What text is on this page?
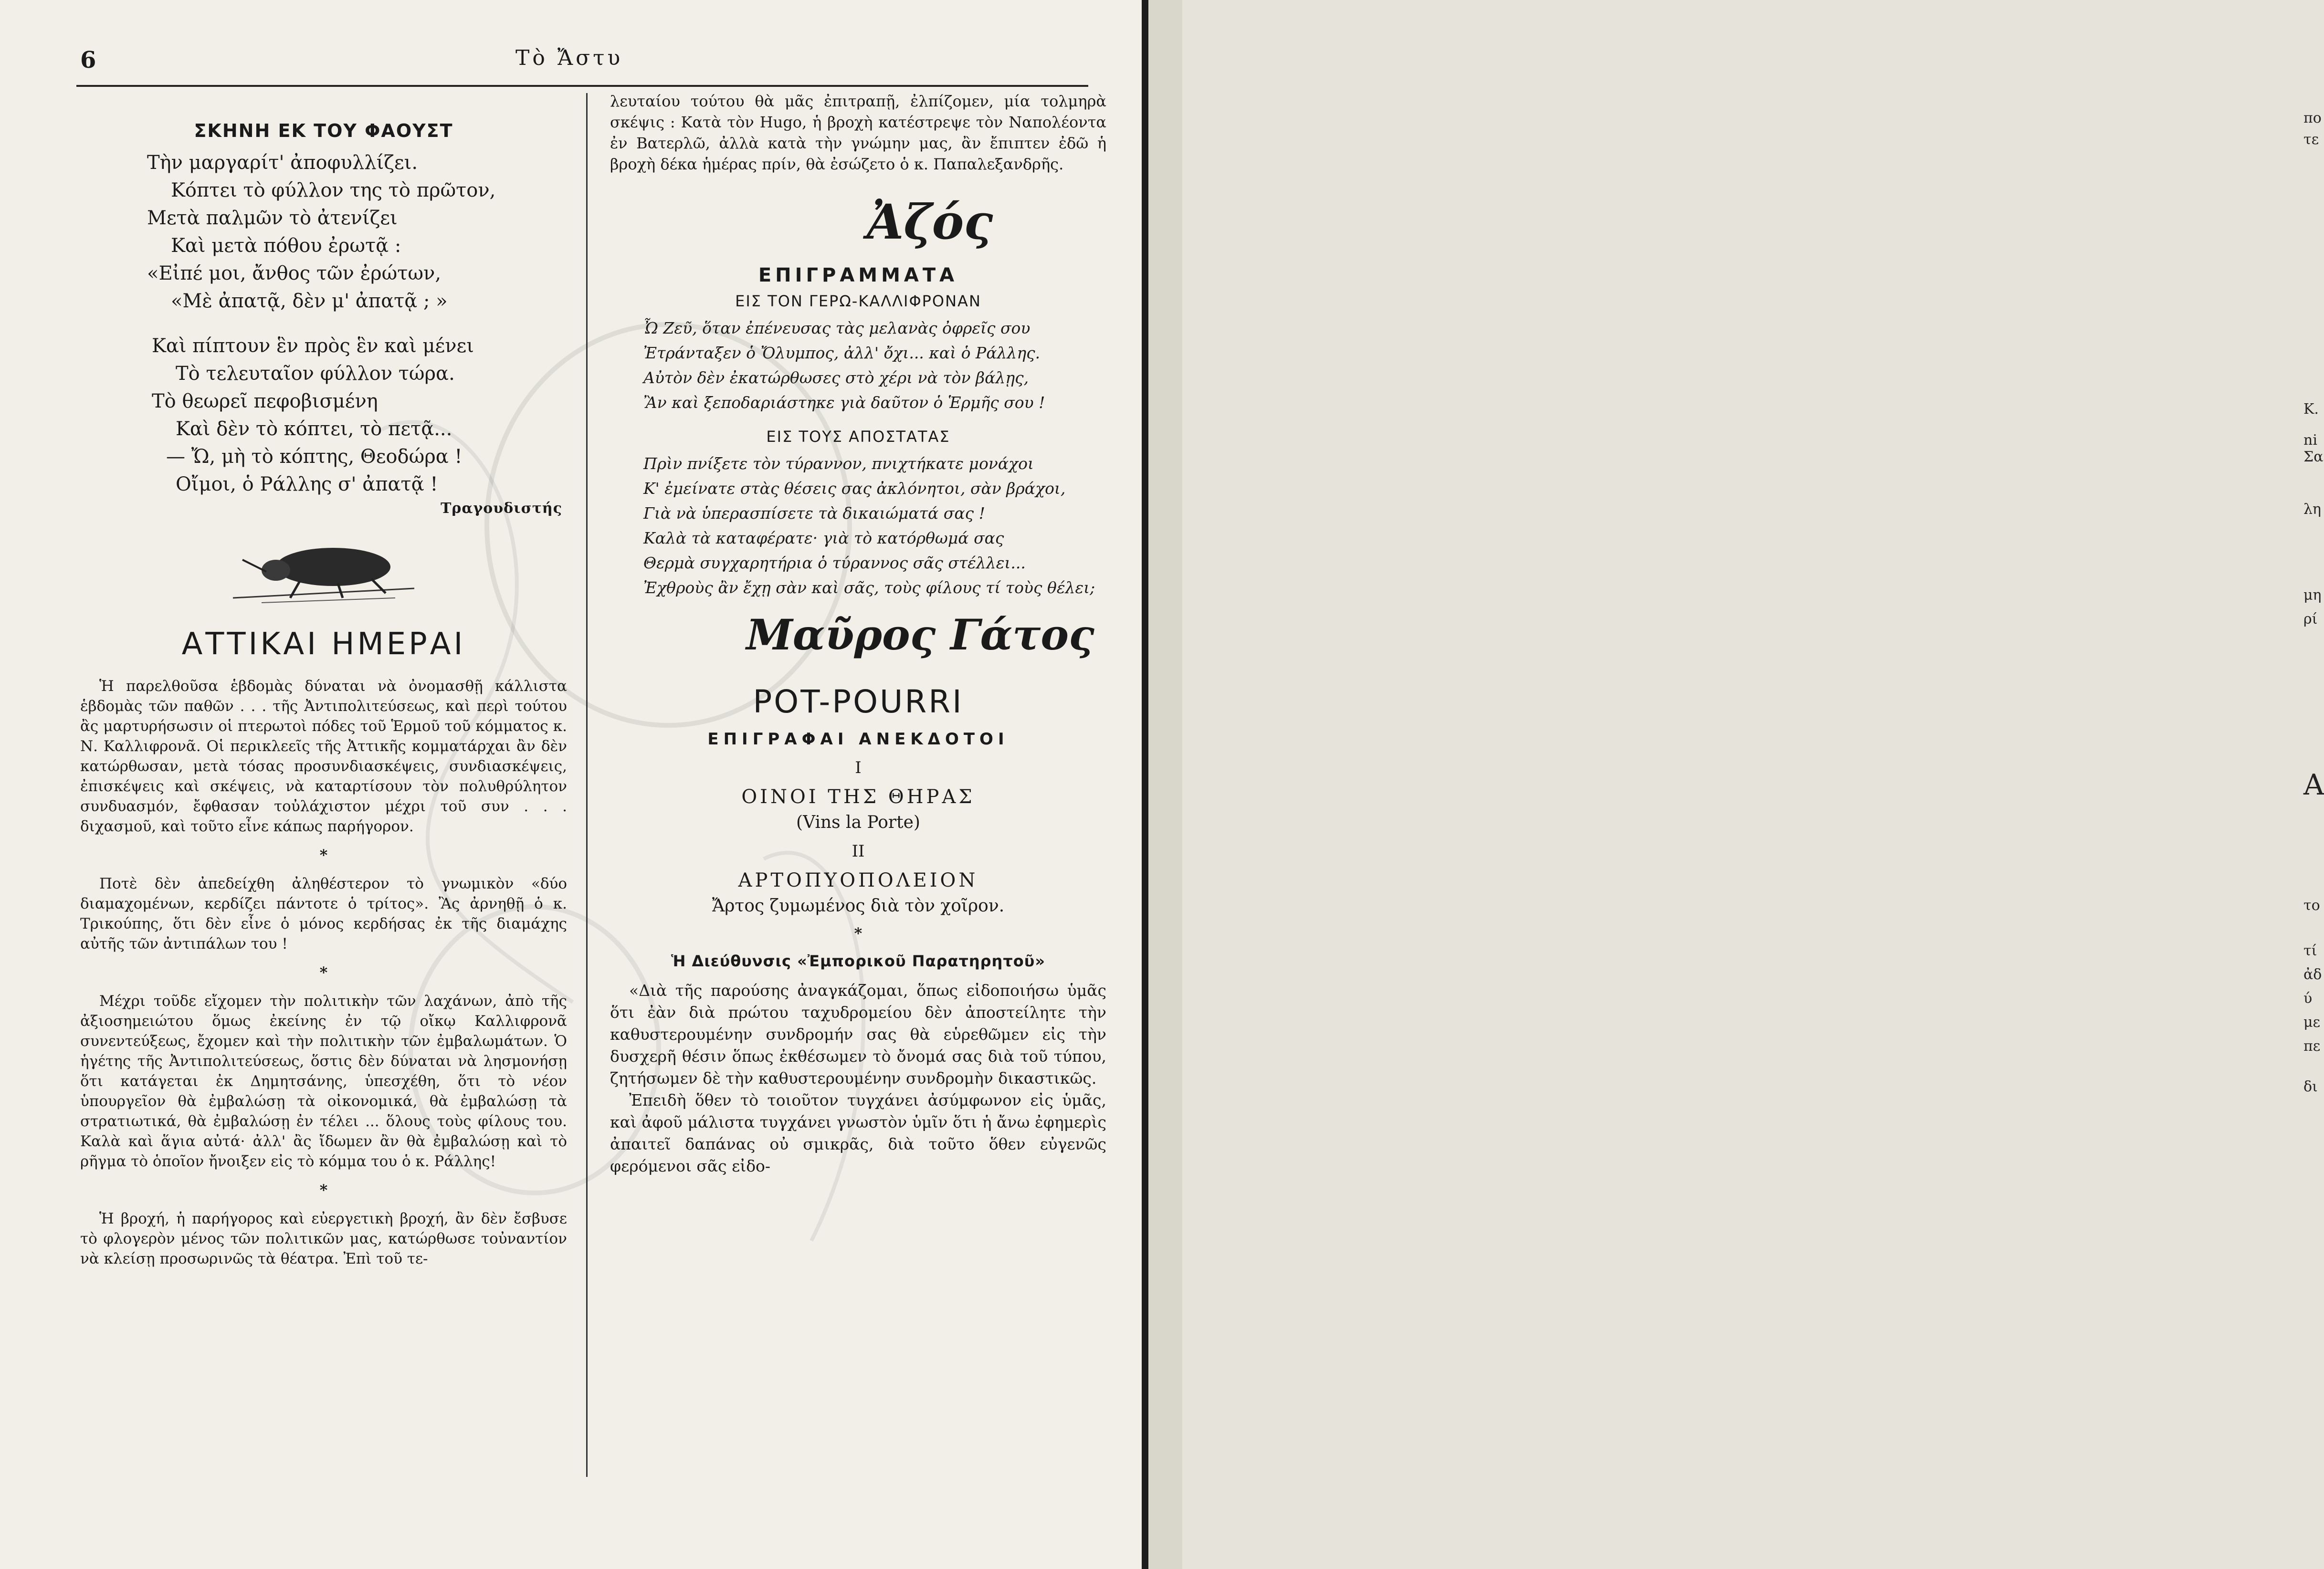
6	Τὸ Ἄστυ
ΣΚΗΝΗ ΕΚ ΤΟΥ ΦΑΟΥΣΤ
Τὴν μαργαρίτ' ἀποφυλλίζει.
Κόπτει τὸ φύλλον της τὸ πρῶτον,
Μετὰ παλμῶν τὸ ἀτενίζει
Καὶ μετὰ πόθου ἐρωτᾷ :
«Εἰπέ μοι, ἄνθος τῶν ἐρώτων,
«Μὲ ἀπατᾷ, δὲν μ' ἀπατᾷ ; »
Καὶ πίπτουν ἓν πρὸς ἓν καὶ μένει
Τὸ τελευταῖον φύλλον τώρα.
Τὸ θεωρεῖ πεφοβισμένη
Καὶ δὲν τὸ κόπτει, τὸ πετᾷ...
— Ὤ, μὴ τὸ κόπτης, Θεοδώρα !
Οἴμοι, ὁ Ράλλης σ' ἀπατᾷ !
Τραγουδιστής
ΑΤΤΙΚΑΙ ΗΜΕΡΑΙ

Ἡ παρελθοῦσα ἑβδομὰς δύναται νὰ ὀνομασθῇ κάλλιστα ἑβδομὰς τῶν παθῶν . . . τῆς Ἀντιπολιτεύσεως, καὶ περὶ τούτου ἂς μαρτυρήσωσιν οἱ πτερωτοὶ πόδες τοῦ Ἑρμοῦ τοῦ κόμματος κ. Ν. Καλλιφρονᾶ. Οἱ περικλεεῖς τῆς Ἀττικῆς κομματάρχαι ἂν δὲν κατώρθωσαν, μετὰ τόσας προσυνδιασκέψεις, συνδιασκέψεις, ἐπισκέψεις καὶ σκέψεις, νὰ καταρτίσουν τὸν πολυθρύλητον συνδυασμόν, ἔφθασαν τοὐλάχιστον μέχρι τοῦ συν . . . διχασμοῦ, καὶ τοῦτο εἶνε κάπως παρήγορον.

*

Ποτὲ δὲν ἀπεδείχθη ἀληθέστερον τὸ γνωμικὸν «δύο διαμαχομένων, κερδίζει πάντοτε ὁ τρίτος». Ἂς ἀρνηθῇ ὁ κ. Τρικούπης, ὅτι δὲν εἶνε ὁ μόνος κερδήσας ἐκ τῆς διαμάχης αὐτῆς τῶν ἀντιπάλων του !

*

Μέχρι τοῦδε εἴχομεν τὴν πολιτικὴν τῶν λαχάνων, ἀπὸ τῆς ἀξιοσημειώτου ὅμως ἐκείνης ἐν τῷ οἴκῳ Καλλιφρονᾶ συνεντεύξεως, ἔχομεν καὶ τὴν πολιτικὴν τῶν ἐμβαλωμάτων. Ὁ ἡγέτης τῆς Ἀντιπολιτεύσεως, ὅστις δὲν δύναται νὰ λησμονήσῃ ὅτι κατάγεται ἐκ Δημητσάνης, ὑπεσχέθη, ὅτι τὸ νέον ὑπουργεῖον θὰ ἐμβαλώσῃ τὰ οἰκονομικά, θὰ ἐμβαλώσῃ τὰ στρατιωτικά, θὰ ἐμβαλώσῃ ἐν τέλει ... ὅλους τοὺς φίλους του. Καλὰ καὶ ἅγια αὐτά· ἀλλ' ἂς ἴδωμεν ἂν θὰ ἐμβαλώσῃ καὶ τὸ ρῆγμα τὸ ὁποῖον ἤνοιξεν εἰς τὸ κόμμα του ὁ κ. Ράλλης!

*

Ἡ βροχή, ἡ παρήγορος καὶ εὐεργετικὴ βροχή, ἂν δὲν ἔσβυσε τὸ φλογερὸν μένος τῶν πολιτικῶν μας, κατώρθωσε τοὐναντίον νὰ κλείσῃ προσωρινῶς τὰ θέατρα. Ἐπὶ τοῦ τε-

λευταίου τούτου θὰ μᾶς ἐπιτραπῇ, ἐλπίζομεν, μία τολμηρὰ σκέψις : Κατὰ τὸν Hugo, ἡ βροχὴ κατέστρεψε τὸν Ναπολέοντα ἐν Βατερλῶ, ἀλλὰ κατὰ τὴν γνώμην μας, ἂν ἔπιπτεν ἐδῶ ἡ βροχὴ δέκα ἡμέρας πρίν, θὰ ἐσώζετο ὁ κ. Παπαλεξανδρῆς.

Ἀζός
ΕΠΙΓΡΑΜΜΑΤΑ
ΕΙΣ ΤΟΝ ΓΕΡΩ-ΚΑΛΛΙΦΡΟΝΑΝ
Ὦ Ζεῦ, ὅταν ἐπένευσας τὰς μελανὰς ὀφρεῖς σου
Ἐτράνταξεν ὁ Ὄλυμπος, ἀλλ' ὄχι... καὶ ὁ Ράλλης.
Αὐτὸν δὲν ἐκατώρθωσες στὸ χέρι νὰ τὸν βάλῃς,
Ἂν καὶ ξεποδαριάστηκε γιὰ δαῦτον ὁ Ἑρμῆς σου !
ΕΙΣ ΤΟΥΣ ΑΠΟΣΤΑΤΑΣ
Πρὶν πνίξετε τὸν τύραννον, πνιχτήκατε μονάχοι
Κ' ἐμείνατε στὰς θέσεις σας ἀκλόνητοι, σὰν βράχοι,
Γιὰ νὰ ὑπερασπίσετε τὰ δικαιώματά σας !
Καλὰ τὰ καταφέρατε· γιὰ τὸ κατόρθωμά σας
Θερμὰ συγχαρητήρια ὁ τύραννος σᾶς στέλλει...
Ἐχθροὺς ἂν ἔχῃ σὰν καὶ σᾶς, τοὺς φίλους τί τοὺς θέλει;
Μαῦρος Γάτος
POT-POURRI
ΕΠΙΓΡΑΦΑΙ ΑΝΕΚΔΟΤΟΙ
I
ΟΙΝΟΙ ΤΗΣ ΘΗΡΑΣ
(Vins la Porte)
II
ΑΡΤΟΠΥΟΠΟΛΕΙΟΝ
Ἄρτος ζυμωμένος διὰ τὸν χοῖρον.
*
Ἡ Διεύθυνσις «Ἐμπορικοῦ Παρατηρητοῦ»

«Διὰ τῆς παρούσης ἀναγκάζομαι, ὅπως εἰδοποιήσω ὑμᾶς ὅτι ἐὰν διὰ πρώτου ταχυδρομείου δὲν ἀποστείλητε τὴν καθυστερουμένην συνδρομήν σας θὰ εὑρεθῶμεν εἰς τὴν δυσχερῆ θέσιν ὅπως ἐκθέσωμεν τὸ ὄνομά σας διὰ τοῦ τύπου, ζητήσωμεν δὲ τὴν καθυστερουμένην συνδρομὴν δικαστικῶς.

Ἐπειδὴ ὅθεν τὸ τοιοῦτον τυγχάνει ἀσύμφωνον εἰς ὑμᾶς, καὶ ἀφοῦ μάλιστα τυγχάνει γνωστὸν ὑμῖν ὅτι ἡ ἄνω ἐφημερὶς ἀπαιτεῖ δαπάνας οὐ σμικρᾶς, διὰ τοῦτο ὅθεν εὐγενῶς φερόμενοι σᾶς εἰδο-

πο
τε
Κ.
ni
Σα
λη
μη
ρί
Α
το
τί
ἀδ
ύ
με
πε
δι
